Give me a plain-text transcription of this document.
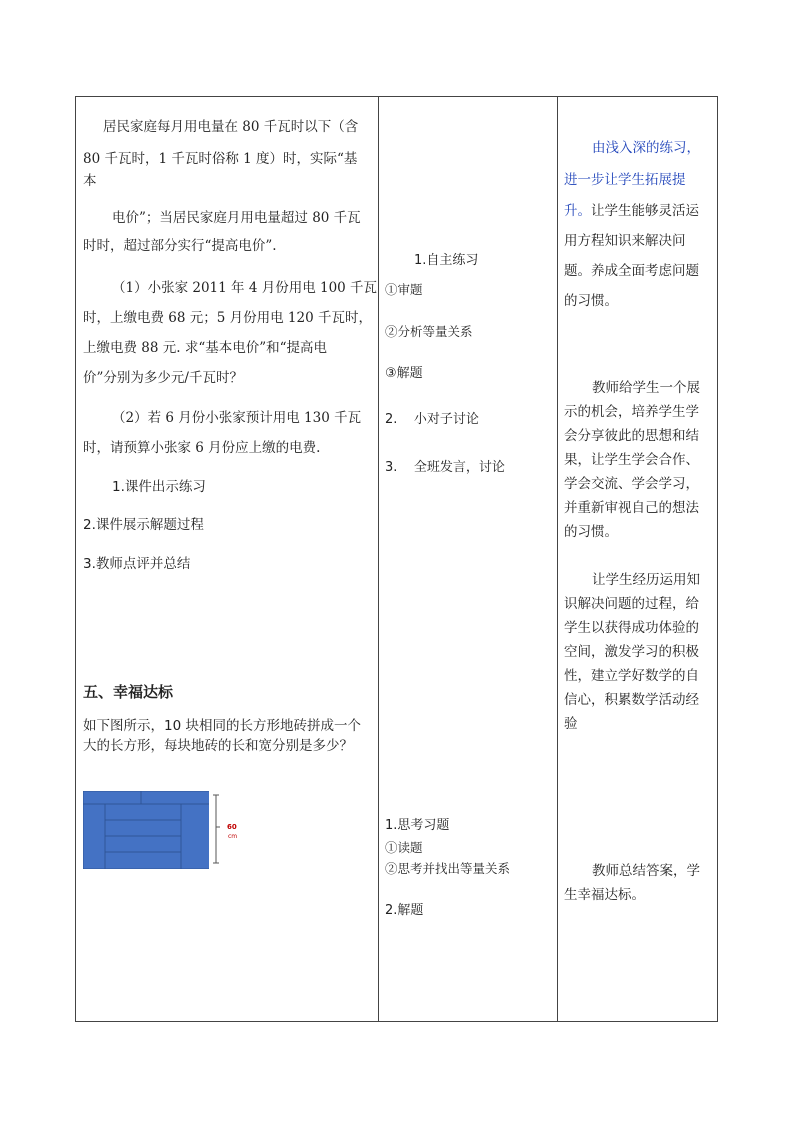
居民家庭每月用电量在 80 千瓦时以下（含
80 千瓦时，1 千瓦时俗称 1 度）时，实际“基
本
电价”；当居民家庭月用电量超过 80 千瓦
时时，超过部分实行“提高电价”.
（1）小张家 2011 年 4 月份用电 100 千瓦
时，上缴电费 68 元；5 月份用电 120 千瓦时，
上缴电费 88 元. 求“基本电价”和“提高电
价”分别为多少元/千瓦时？
（2）若 6 月份小张家预计用电 130 千瓦
时，请预算小张家 6 月份应上缴的电费.
1.课件出示练习
2.课件展示解题过程
3.教师点评并总结
五、幸福达标
如下图所示，10 块相同的长方形地砖拼成一个
大的长方形，每块地砖的长和宽分别是多少？
60
cm
1.自主练习
①审题
②分析等量关系
③解题
2.    小对子讨论
3.    全班发言，讨论
1.思考习题
①读题
②思考并找出等量关系
2.解题
由浅入深的练习，
进一步让学生拓展提
升。让学生能够灵活运
用方程知识来解决问
题。养成全面考虑问题
的习惯。
教师给学生一个展
示的机会，培养学生学
会分享彼此的思想和结
果，让学生学会合作、
学会交流、学会学习，
并重新审视自己的想法
的习惯。
让学生经历运用知
识解决问题的过程，给
学生以获得成功体验的
空间，激发学习的积极
性，建立学好数学的自
信心，积累数学活动经
验
教师总结答案，学
生幸福达标。
